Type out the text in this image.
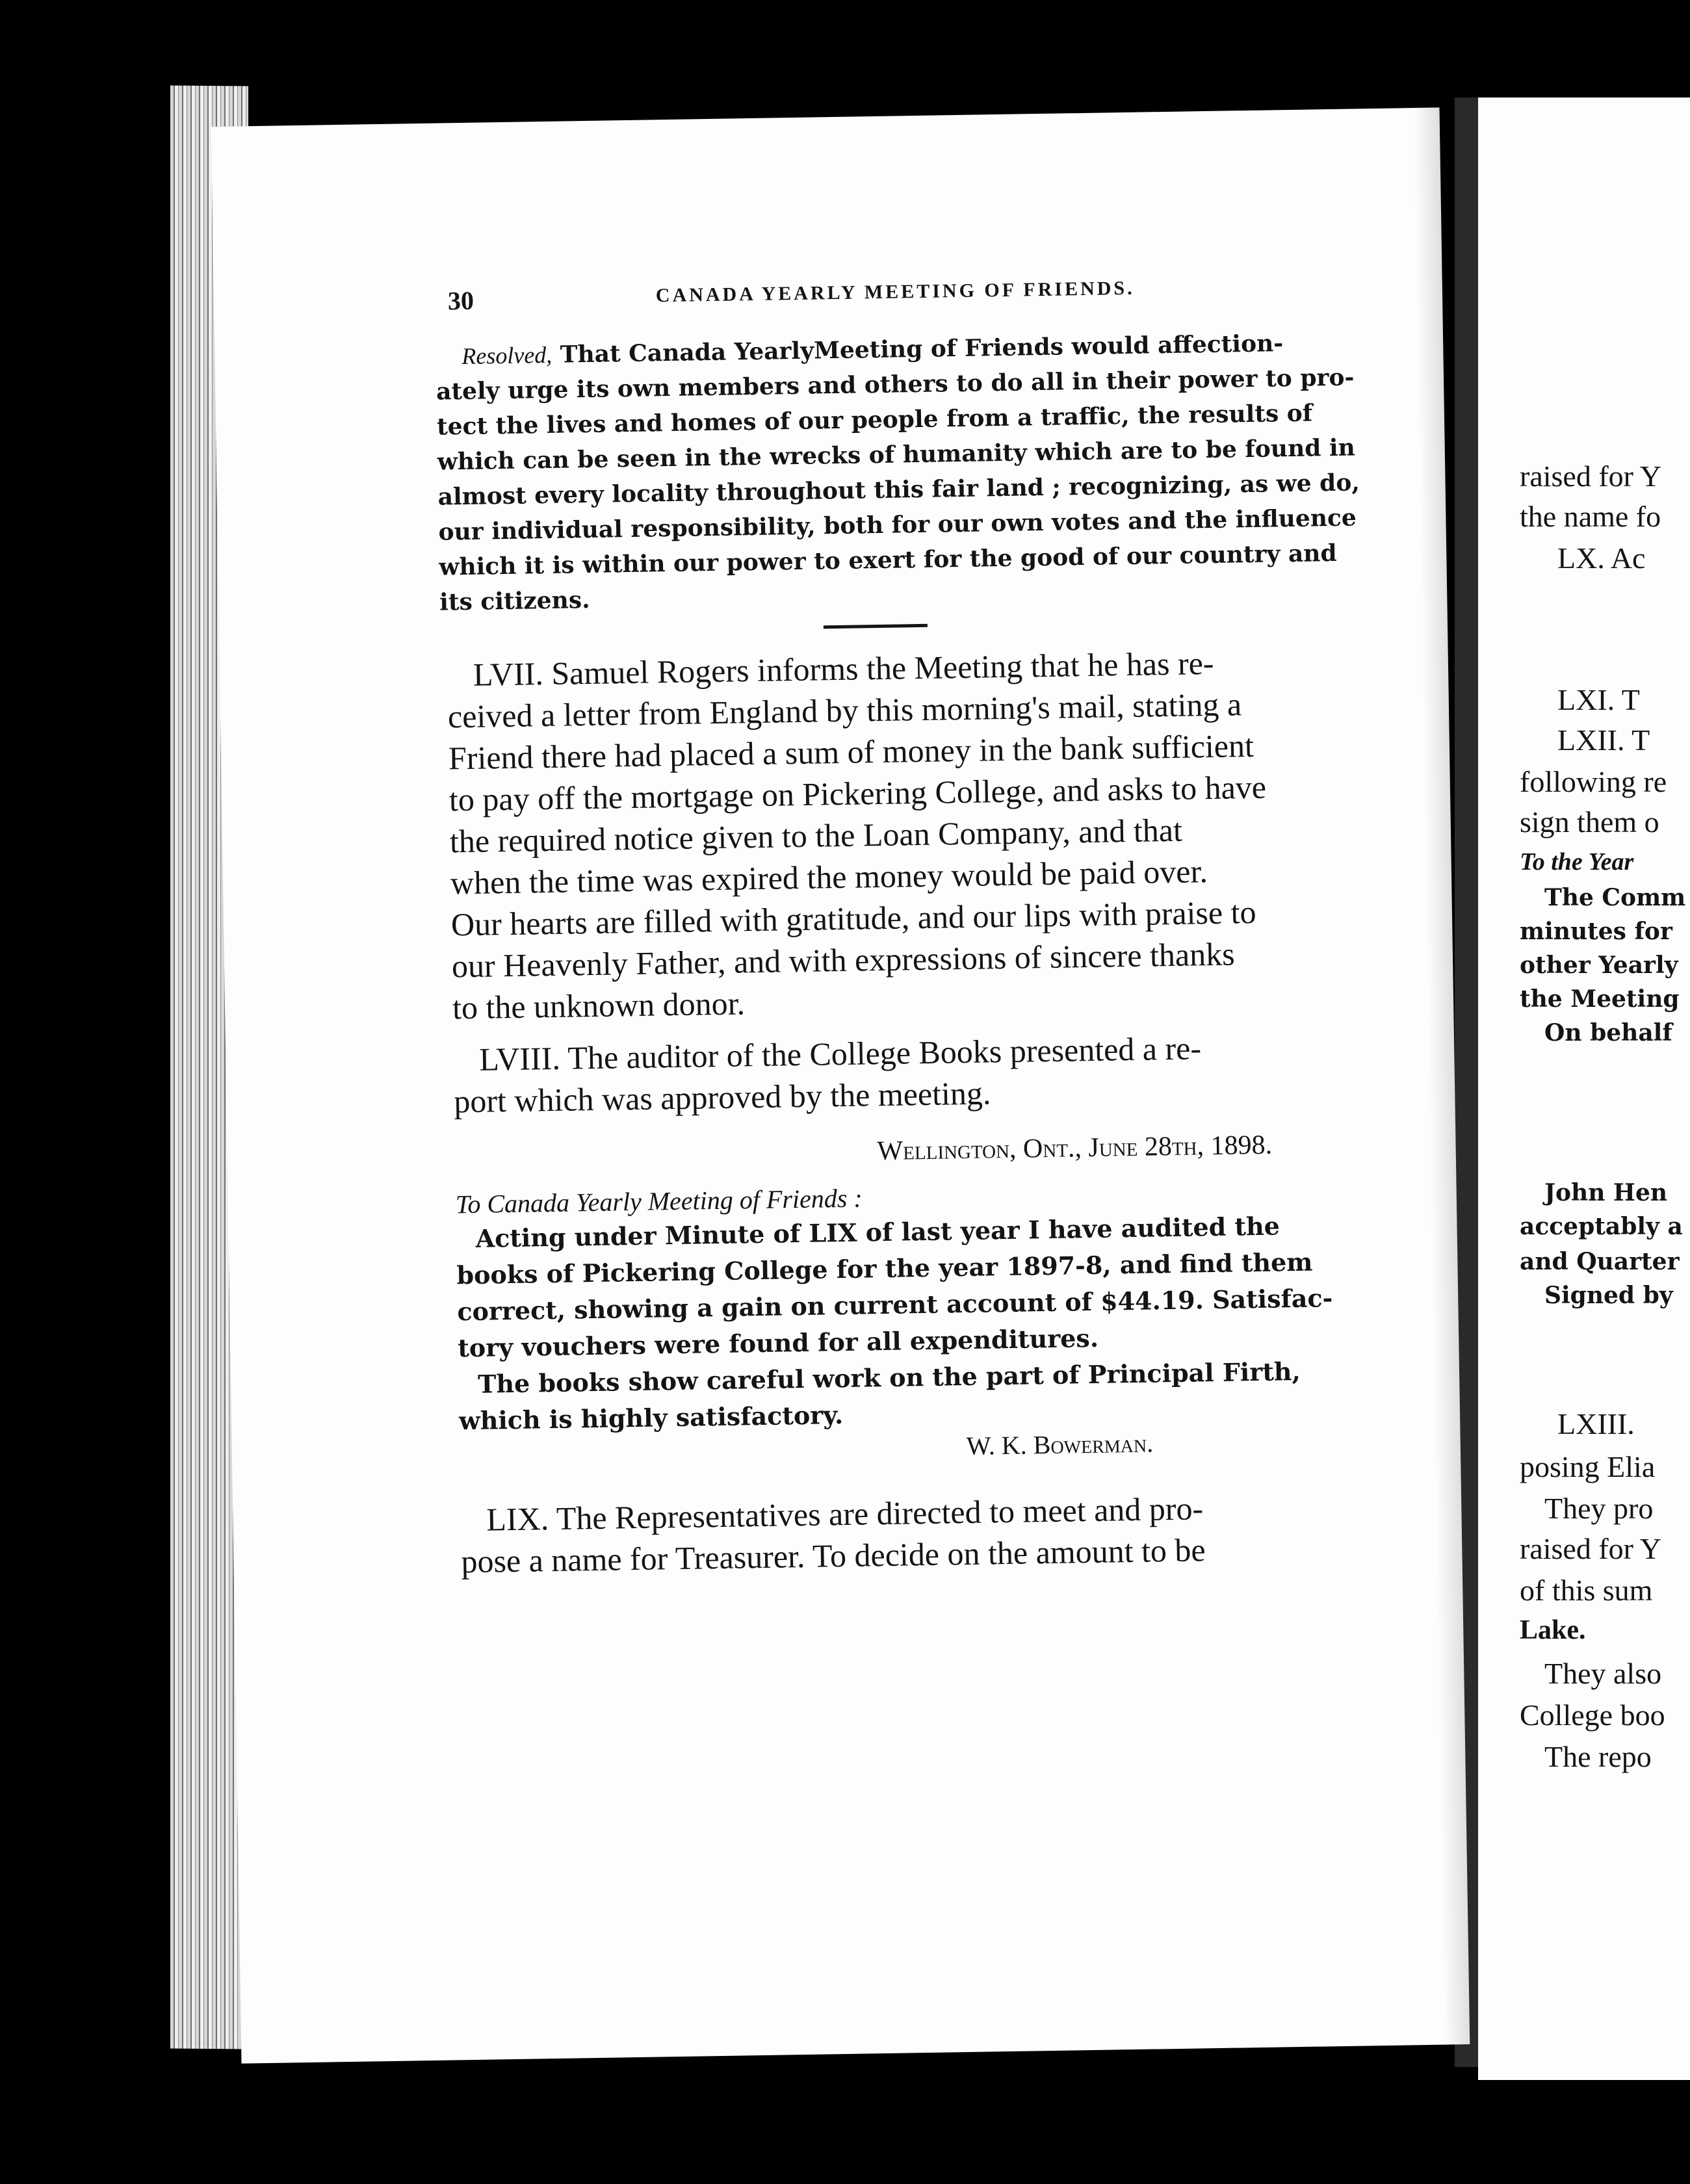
30	CANADA YEARLY MEETING OF FRIENDS.
Resolved, That Canada YearlyMeeting of Friends would affection-
ately urge its own members and others to do all in their power to pro-
tect the lives and homes of our people from a traffic, the results of
which can be seen in the wrecks of humanity which are to be found in
almost every locality throughout this fair land ; recognizing, as we do,
our individual responsibility, both for our own votes and the influence
which it is within our power to exert for the good of our country and
its citizens.
LVII. Samuel Rogers informs the Meeting that he has re-
ceived a letter from England by this morning's mail, stating a
Friend there had placed a sum of money in the bank sufficient
to pay off the mortgage on Pickering College, and asks to have
the required notice given to the Loan Company, and that
when the time was expired the money would be paid over.
Our hearts are filled with gratitude, and our lips with praise to
our Heavenly Father, and with expressions of sincere thanks
to the unknown donor.
LVIII. The auditor of the College Books presented a re-
port which was approved by the meeting.
Wellington, Ont., June 28th, 1898.
To Canada Yearly Meeting of Friends :
Acting under Minute of LIX of last year I have audited the
books of Pickering College for the year 1897-8, and find them
correct, showing a gain on current account of $44.19. Satisfac-
tory vouchers were found for all expenditures.
The books show careful work on the part of Principal Firth,
which is highly satisfactory.
W. K. Bowerman.
LIX. The Representatives are directed to meet and pro-
pose a name for Treasurer. To decide on the amount to be
raised for Y
the name fo
LX. Ac
LXI. T
LXII. T
following re
sign them o
To the Year
The Comm
minutes for
other Yearly
the Meeting
On behalf
John Hen
acceptably a
and Quarter
Signed by
LXIII.
posing Elia
They pro
raised for Y
of this sum
Lake.
They also
College boo
The repo
